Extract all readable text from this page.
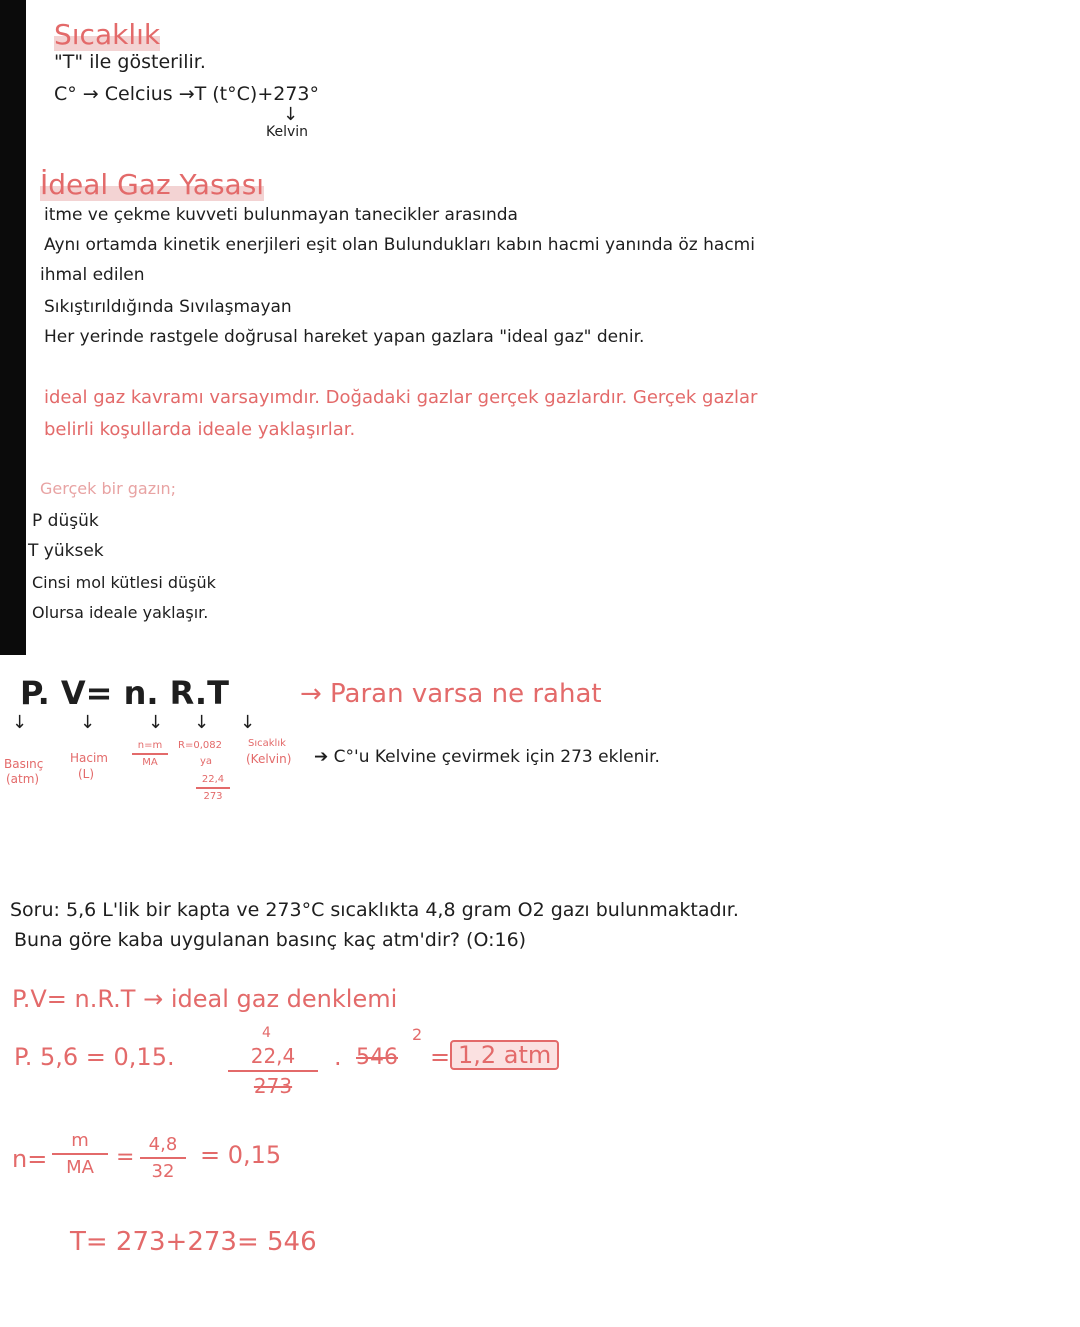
Sıcaklık
"T" ile gösterilir.
C° → Celcius →T (t°C)+273°
↓
Kelvin
İdeal Gaz Yasası
itme ve çekme kuvveti bulunmayan tanecikler arasında
Aynı ortamda kinetik enerjileri eşit olan Bulundukları kabın hacmi yanında öz hacmi
ihmal edilen
Sıkıştırıldığında Sıvılaşmayan
Her yerinde rastgele doğrusal hareket yapan gazlara "ideal gaz" denir.
ideal gaz kavramı varsayımdır. Doğadaki gazlar gerçek gazlardır. Gerçek gazlar
belirli koşullarda ideale yaklaşırlar.
Gerçek bir gazın;
P düşük
T yüksek
Cinsi mol kütlesi düşük
Olursa ideale yaklaşır.
P. V= n. R.T	→ Paran varsa ne rahat
↓	↓	↓ ↓ ↓
Basınç
(atm)
Hacim
(L)
n=m
MA
R=0,082
ya
22,4
273
Sıcaklık
(Kelvin) ➔ C°'u Kelvine çevirmek için 273 eklenir.
Soru: 5,6 L'lik bir kapta ve 273°C sıcaklıkta 4,8 gram O2 gazı bulunmaktadır.
Buna göre kaba uygulanan basınç kaç atm'dir? (O:16)
P.V= n.R.T → ideal gaz denklemi
P. 5,6 = 0,15.
4
22,4
273
. 546
2
= 1,2 atm
n=
m
MA	=
4,8
32
= 0,15
T= 273+273= 546
